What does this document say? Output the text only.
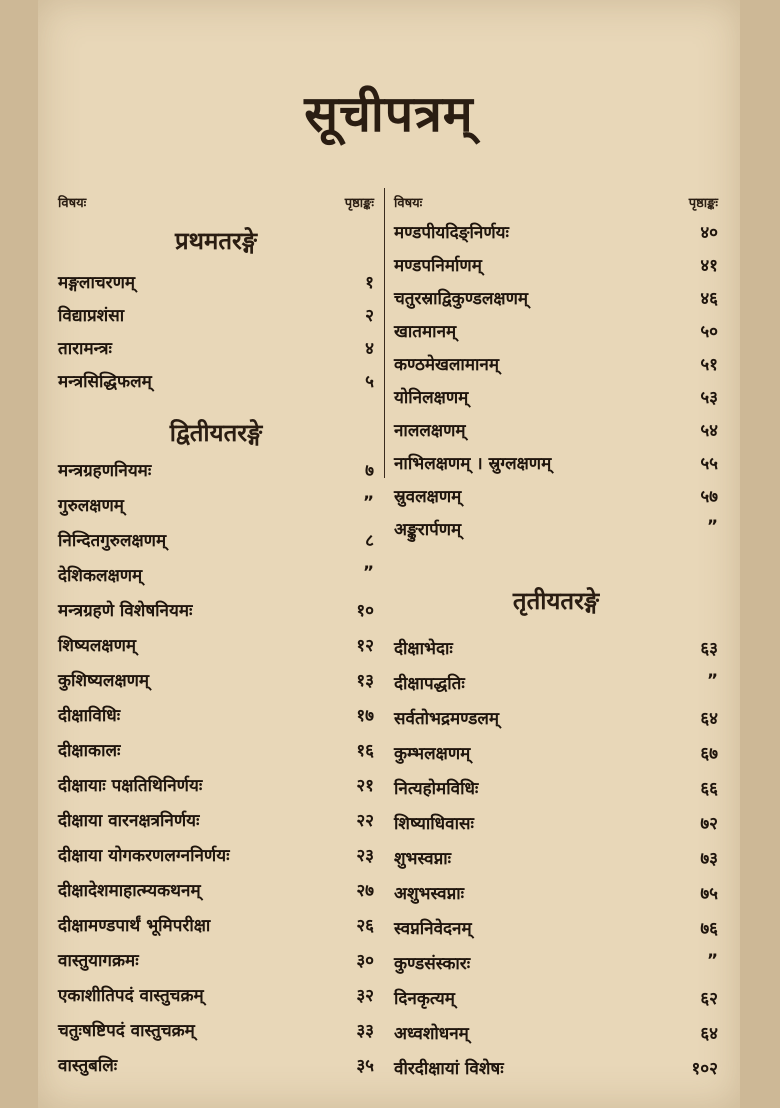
सूचीपत्रम्
विषयः	पृष्ठाङ्कः
प्रथमतरङ्गे
मङ्गलाचरणम्	१
विद्याप्रशंसा	२
तारामन्त्रः	४
मन्त्रसिद्धिफलम्	५
द्वितीयतरङ्गे
मन्त्रग्रहणनियमः	७
गुरुलक्षणम्	”
निन्दितगुरुलक्षणम्	८
देशिकलक्षणम्	”
मन्त्रग्रहणे विशेषनियमः	१०
शिष्यलक्षणम्	१२
कुशिष्यलक्षणम्	१३
दीक्षाविधिः	१७
दीक्षाकालः	१६
दीक्षायाः पक्षतिथिनिर्णयः	२१
दीक्षाया वारनक्षत्रनिर्णयः	२२
दीक्षाया योगकरणलग्ननिर्णयः	२३
दीक्षादेशमाहात्म्यकथनम्	२७
दीक्षामण्डपार्थं भूमिपरीक्षा	२६
वास्तुयागक्रमः	३०
एकाशीतिपदं वास्तुचक्रम्	३२
चतुःषष्टिपदं वास्तुचक्रम्	३३
वास्तुबलिः	३५
विषयः	पृष्ठाङ्कः
मण्डपीयदिङ्निर्णयः	४०
मण्डपनिर्माणम्	४१
चतुरस्राद्विकुण्डलक्षणम्	४६
खातमानम्	५०
कण्ठमेखलामानम्	५१
योनिलक्षणम्	५३
नाललक्षणम्	५४
नाभिलक्षणम् । स्रुग्लक्षणम्	५५
स्रुवलक्षणम्	५७
अङ्कुरार्पणम्	”
तृतीयतरङ्गे
दीक्षाभेदाः	६३
दीक्षापद्धतिः	”
सर्वतोभद्रमण्डलम्	६४
कुम्भलक्षणम्	६७
नित्यहोमविधिः	६६
शिष्याधिवासः	७२
शुभस्वप्नाः	७३
अशुभस्वप्नाः	७५
स्वप्ननिवेदनम्	७६
कुण्डसंस्कारः	”
दिनकृत्यम्	६२
अध्वशोधनम्	६४
वीरदीक्षायां विशेषः	१०२
